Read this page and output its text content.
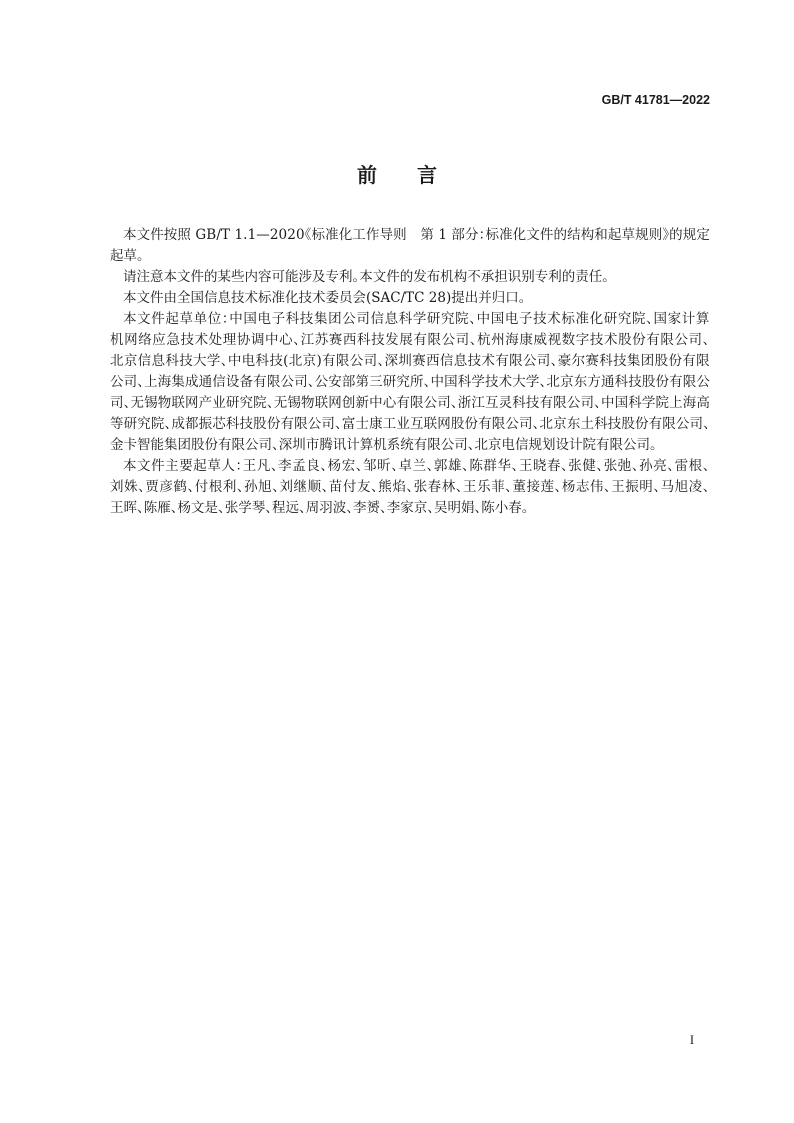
GB/T 41781—2022
前言
本文件按照 GB/T 1.1—2020《标准化工作导则　第 1 部分：标准化文件的结构和起草规则》的规定
起草。
请注意本文件的某些内容可能涉及专利。本文件的发布机构不承担识别专利的责任。
本文件由全国信息技术标准化技术委员会(SAC/TC 28)提出并归口。
本文件起草单位：中国电子科技集团公司信息科学研究院、中国电子技术标准化研究院、国家计算
机网络应急技术处理协调中心、江苏赛西科技发展有限公司、杭州海康威视数字技术股份有限公司、
北京信息科技大学、中电科技(北京)有限公司、深圳赛西信息技术有限公司、豪尔赛科技集团股份有限
公司、上海集成通信设备有限公司、公安部第三研究所、中国科学技术大学、北京东方通科技股份有限公
司、无锡物联网产业研究院、无锡物联网创新中心有限公司、浙江互灵科技有限公司、中国科学院上海高
等研究院、成都振芯科技股份有限公司、富士康工业互联网股份有限公司、北京东土科技股份有限公司、
金卡智能集团股份有限公司、深圳市腾讯计算机系统有限公司、北京电信规划设计院有限公司。
本文件主要起草人：王凡、李孟良、杨宏、邹昕、卓兰、郭雄、陈群华、王晓春、张健、张弛、孙亮、雷根、
刘姝、贾彦鹤、付根利、孙旭、刘继顺、苗付友、熊焰、张春林、王乐菲、董接莲、杨志伟、王振明、马旭凌、
王晖、陈雁、杨文是、张学琴、程远、周羽波、李赟、李家京、吴明娟、陈小春。
I
